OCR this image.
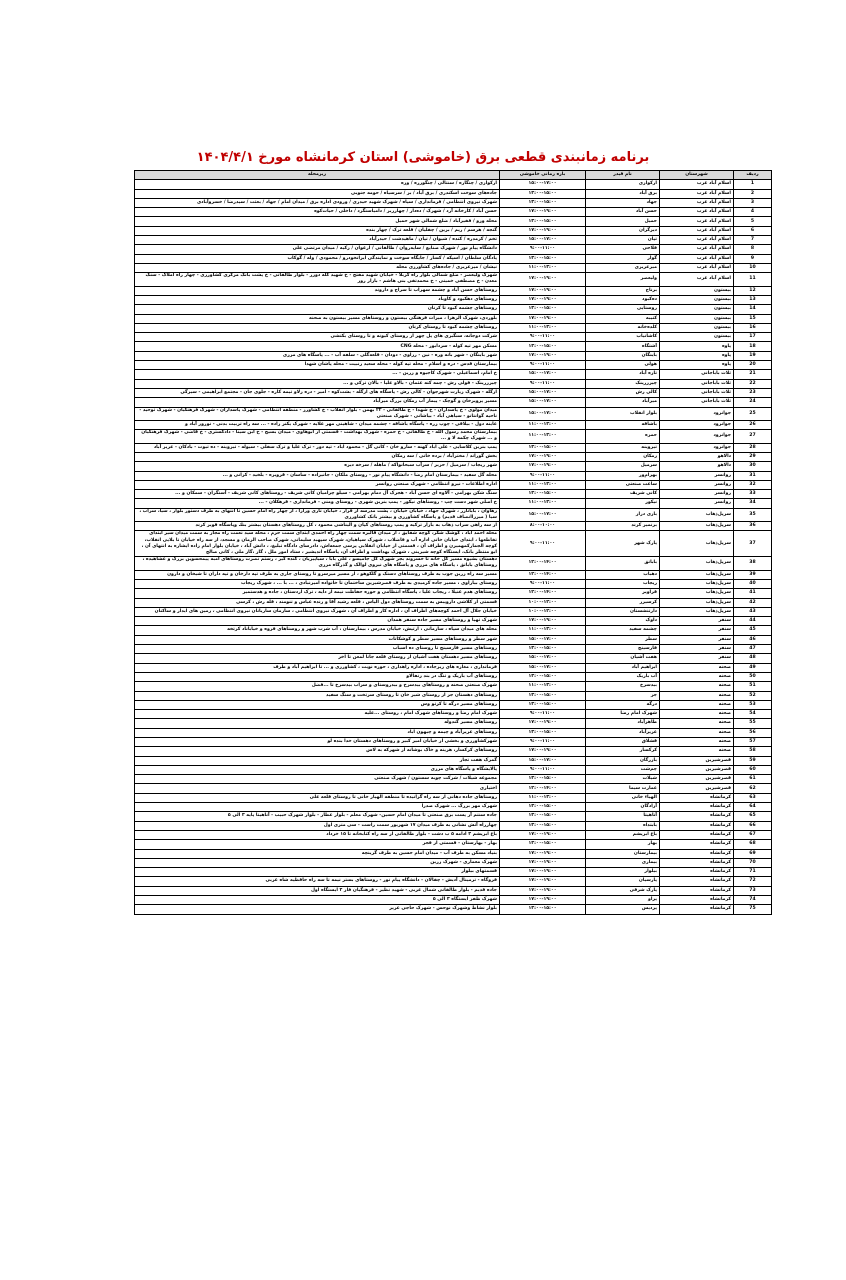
برنامه زمانبندی قطعی برق (خاموشی) استان کرمانشاه مورخ ۱۴۰۴/۴/۱
ردیف	شهرستان	نام فیدر	بازه زمانی خاموشی	زیرمحله
1	اسلام آباد غرب	ارکوازی	۱۵:۰۰-۱۷:۰۰	ارکوازی / چنگاره / سنتالی / چنگوزره / وزه
2	اسلام آباد غرب	برق آباد	۱۳:۰۰-۱۵:۰۰	جاده‌های سوخت اسکندری / برق آباد / بر / سرسیاه / حومه جنوبی
3	اسلام آباد غرب	جهاد	۱۳:۰۰-۱۵:۰۰	شهرک نیروی انتظامی / فرمانداری / سپاه / شهرک شهید حیدری / ورودی اداره برق / میدان امام / جهاد / بعثت / سیدرضا / خسروآبادی
4	اسلام آباد غرب	حسن آباد	۱۷:۰۰-۱۹:۰۰	حسن آباد / کارخانه آرد / شهرک / ده‌دار / چهارزبر / دامیاسنگرد / داخلی / حیات‌کوه
5	اسلام آباد غرب	حمیل	۱۳:۰۰-۱۵:۰۰	محله وزو / فقیرآباد / ضلع شمالی شهر حمیل
6	اسلام آباد غرب	دیزگران	۱۷:۰۰-۱۹:۰۰	گنجه / هرسم / ریم / بزین / چقلیان / قلعه ترک / چهار بنده
7	اسلام آباد غرب	تپان	۱۵:۰۰-۱۷:۰۰	تخم / کرمدره / کنده / شیوان / تپان / ماهیدشت / حیدرآباد
8	اسلام آباد غرب	فلاحی	۹:۰۰-۱۱:۰۰	دانشگاه پیام نور / شهرک صنایع / سایه‌روان / طالقانی / ارغوان / زکیه / میدان مرتضی علی
9	اسلام آباد غرب	گوار	۱۳:۰۰-۱۵:۰۰	پادگان سلطان / اسپکه / کسار / جایگاه سوخت و نمایندگی ایرانخودرو / محمودی / وله / گوکاب
10	اسلام آباد غرب	میرعزیزی	۱۱:۰۰-۱۳:۰۰	نیشان / میرعزیزی / جاده‌های کشاورزی محله
11	اسلام آباد غرب	ولیعصر	۱۷:۰۰-۱۹:۰۰	شهرک ولیعصر - ضلع شمالی بلوار راه کربلا - خیابان شهید مفتح - خ شهید گله دوزر - بلوار طالقانی - خ پشت بانک مرکزی کشاورزی - چهار راه املاک - سنگ معدن - خ مصطفی خمینی - خ محمدتقی بنی هاشم - بازار روز
12	بیستون	برناج	۱۷:۰۰-۱۹:۰۰	روستاهای حسن آباد و چشمه سهراب تا سراج و داروند
13	بیستون	ده‌کبود	۱۷:۰۰-۱۹:۰۰	روستاهای دهکبود و کاوباد
14	بیستون	روستایی	۱۳:۰۰-۱۵:۰۰	روستاهای چشمه کبود تا کرنان
15	بیستون	کتیبه	۱۷:۰۰-۱۹:۰۰	بلوردی، شهرک الزهرا ، میراث فرهنگی بیستون و روستاهای مسیر بیستون به صحنه
16	بیستون	کلده‌خانه	۱۱:۰۰-۱۳:۰۰	روستاهای چشمه کبود تا روستای کرنان
17	بیستون	کاشانیاب	۹:۰۰-۱۱:۰۰	شرکت دوجانه، سنگبری های پل چهر از روستای کیونه و تا روستای بکتشی
18	پاوه	آشتگاه	۱۳:۰۰-۱۵:۰۰	مسکن مهر تپه کوله - سردابور - محله CNG
19	پاوه	باینگان	۱۷:۰۰-۱۹:۰۰	شهر باینگان - شهر بانه وره - نین - رزاوی - دودان - قلعه‌گلی - سلفه آب - ... پاسگاه های مرزی
20	پاوه	هولی	۹:۰۰-۱۱:۰۰	بیمارستان قدس - دره و اسلام - محله تپه کوله - محله سعید زنبیت - محله پاشان شهدا
21	ثلاث باباجانی	تازه آباد	۱۵:۰۰-۱۷:۰۰	خ امام، اسماعیلی - شهرک کاجیوه و زرین - ...
22	ثلاث باباجانی	چیرزرینک	۹:۰۰-۱۱:۰۰	چیرزرینک - فولی رش - چمه کنه عثمان - بالاو علیا - بالان ترکی و ...
23	ثلاث باباجانی	کالی رش	۱۵:۰۰-۱۷:۰۰	ازگله - شهرک زیارت شهرجوان - کالی رش - پاسگاه های ازگله - بشت‌کوه - امیر - دره زلاو تیمه کاره - جلوی جان - مجتمع ابراهیمی - سیرگی
24	ثلاث باباجانی	میرآباد	۱۵:۰۰-۱۷:۰۰	مسیر پرویزخان و گوچک - پیماز آب زمکان بزرگ میرآباد
25	جوانرود	بلوار انقلاب	۱۵:۰۰-۱۷:۰۰	میدان مولوی - خ پاسداران - خ شهدا - خ طالقانی - ۲۲ بهمن - بلوار انقلاب - خ کشاورز - منطقه انتظامی - شهرک پاسداران - شهرک فرهنگیان - شهرک توحید - ناحیه گوانتانو - سیاهی آباد - بیاشانی - شهرک صنعتی
26	جوانرود	باشاقه	۱۱:۰۰-۱۳:۰۰	عاینه دول - بیلاقی - چوپ زره - پاسگاه باشاقه - چشمه میدان - شاهینی مهر علایه - شهرک یکنر زاده - ... سه راه تربیت بدنی - نوروز آباد و
27	جوانرود	حمزه	۱۱:۰۰-۱۳:۰۰	بیمارستان محمد رسول الله - خ طالقانی - خ حمزه - شهرک بهداشت - قسمتی از ابوهاوی - میدان بسیج - خ ابن سینا - دادگستری - خ قاضی - شهرک فرهنگیان و ... شهرک چکمه لا و ...
28	جوانرود	تیروینه	۱۳:۰۰-۱۵:۰۰	پمپ بنزین کلاسایی - علی اباد کهنه - سارو خان - کانی گل - محمود اباد - تپه دور - ترک علیا و ترک سفلی - سیوله - تیروینه - ده تیوت - بادکان - عزیز آباد
29	دالاهو	زمکان	۱۷:۰۰-۱۹:۰۰	بخش گوراند / مخترآباد / برده خانی / سه زمکان
30	دالاهو	سرمیل	۱۷:۰۰-۱۹:۰۰	شهر ریجاب / سرمیل / حربر / سرآب سبحانواکه / ماهله / سرخه دیزه
31	روانسر	بهرام‌ور	۹:۰۰-۱۱:۰۰	محله گل سفید - بیمارستان امام رضا - دانشگاه پیام نور - روستای ملکان - جانیزاده - ساسان - قرویزه - بلخید - کرانی و ...
32	روانسر	ساعت صنعتی	۱۱:۰۰-۱۳:۰۰	اداره اطلاعات - نیرو انتظامی - شهرک صنعتی روانسر
33	روانسر	کانی شریف	۱۳:۰۰-۱۵:۰۰	سنگ شکن بهرامی - آلاوه ای حسن آباد - هجرک آل دمام بهرامی - سیلو چرامیان کانی شریف - روستاهای کانی شریف - آسنگران - سمکان و ...
34	روانسر	نیکور	۱۱:۰۰-۱۳:۰۰	خ اصلی شهر دست چپ - روستاهای نیکور - پمپ بنزین شهری - روستای ومنی - فرمانداری - قرهکلان - ...
35	سرپل‌ذهاب	بازی دراز	۱۵:۰۰-۱۷:۰۰	زهاوان ، بابانازر ، شهرک جهاد ، خیابان خیابان ، پشت مدرسه از قرار ، خیابان تاری ورازا ، از چهار راه امام حسین تا انتهای به طرف دستور بلوار ، سیا، سرآب ، سیا ( میرزاانصاف قدیم) و پاسگاه کشاورزی و بیشتر بانک کشاورزی
36	سرپل‌ذهاب	بزنمیر کرند	۸:۰۰-۱۰:۰۰	از سه راهی سراب ذهاب به بازار ترکیه و پمپ روستاهای کپان و الیناشی محمود ، کل روستاهای دهستان بیشتر بنك وپاسگاه قوبر کرند
37	سرپل‌ذهاب	پارک شهر	۹:۰۰-۱۱:۰۰	محله احمد آباد ، کوشک شکر، کوچه شقایق ، از میدان قالیره سمت چهار راه احمدی ابتدای سمت حرم ، محله سید نعمت راه مجاز به سمت میدان سیر ابتدای تقاطعها ، ابتدای خیابان خانی اداره آب و فاضلاب ، شهرک سپاهیان، شهرک سپهبد سلیمانی، شهرک صاحب الزمان و مسجد، از سه راه خیابان تا بلایی انقلاب، کوچه الجمارکمهمیرن و اطراف آن ، قسمتی از خیابان انقلابی پرسی جمعه‌اش، دادرسای دادگاه تبلیغ، ، دانش آباد ، خیابان بلوار امام زاده ایشاره به انتهای آن ، ابو منتظر بانک، ایستگاه کوچه شیرینی ، شهرک بهداشت و اطراف آن، پاسگاه اندیشیر ، ستاد امور ملل ، گاز ،گاز ملی ، کانی صالح
38	سرپل‌ذهاب	باباتق	۱۲:۰۰-۱۴:۰۰	دهستان بشیوه مسیر کل خانه تا خسروند بجز شهرک گل جامیسو ، علی بابا ، سیاپیریان ، گنده گیر ، رستم نصرت روستاهای آمبه پیمحسوین بزرگ و عشاهیده ، روستاهای باباتق ، پاسگاه های مرزی و پاسگاه های نیروی لوالک و گذرگاه مرزی
39	سرپل‌ذهاب	دهباب	۱۲:۰۰-۱۴:۰۰	مسیر سه راه زرین جوب به طرف روستاهای دستک و گلکوهو ، از مسیر میرسرو تا روستای جاری به طرف تپه دارخان و تپه داران تا شیخان و دارون
40	سرپل‌ذهاب	ریجاب	۹:۰۰-۱۱:۰۰	روستای بیاراوی ، مسیر جاده کرمیدی به طرف قصرشیرین ساختمان تا خانواده امیرنبادی ، ... با ... ، شهرک ریجاب
41	سرپل‌ذهاب	قراویز	۱۲:۰۰-۱۴:۰۰	روستاهای هدم غنیلا ، ریجاب علیا ، پاسگاه انتظامی و حوزه حفاظت نیمه از دایه ، ترک اردستان ، جاده و هدستمیر
42	سرپل‌ذهاب	کرسیرز	۱۰:۰۰-۱۲:۰۰	قسمتی از کلاشی دارویبس به سمت روستاهای دول الیاس ، قلعه رشید آقا و زنده عباس و تنومند ، قله رش ، کرسی
43	سرپل‌ذهاب	دارتنشستان	۱۰:۰۰-۱۲:۰۰	خیابان جلال آل احمد کوچه‌های اطراف آن ، اداره کار و اطراف آن ، شهرک نیروی انتظامی ، سازمان ساریانان نیروی انتظامی ، زمین های ایدار و ساکنان
44	سنقر	داوک	۱۷:۰۰-۱۹:۰۰	شهرک تهیا و روستاهای مسیر جاده سنقر همدان
45	سنقر	چشمه سفید	۱۱:۰۰-۱۳:۰۰	محله های میدان سپاه ، سازمانی ، ارتیش، خیابان مدرس ، بیمارستان ، آب شرب شهر و روستاهای فروه و خیاباناد کرتخه
46	سنقر	سطر	۱۵:۰۰-۱۷:۰۰	شهر سطر و روستاهای مسیر سطر و کوشکانات
47	سنقر	فارسینج	۱۳:۰۰-۱۵:۰۰	روستاهای مسیر فارسینج تا روستای ده اسباب
48	سنقر	هفت آشیان	۱۵:۰۰-۱۷:۰۰	روستاهای مسیر دهستان هفت آشیان از روستای قلعه جانا لمعن تا اخر
49	صحنه	ابراهیم آباد	۱۵:۰۰-۱۷:۰۰	فرمانداری ، مغازه های زیرجاده ، اداره راهداری ، حوزه نوبت ، کشاورزی و ... تا ابراهیم آباد و طرف
50	صحنه	آب باریک	۱۳:۰۰-۱۵:۰۰	روستاهای آب باریک و تنگ در بند زنفالاو
51	صحنه	بیدسرخ	۱۱:۰۰-۱۳:۰۰	شهرک صنعتی صحنه و روستاهای بیدسرخ و بیدروستای و سراب بیدسرخ تا ...فضل
52	صحنه	جر	۱۳:۰۰-۱۵:۰۰	روستاهای دهستان جر از روستای شیر خان تا روستای سرتخت و سنگ سفید
53	صحنه	درگه	۱۳:۰۰-۱۵:۰۰	روستاهای مسیر درگه تا کرتو وس
54	صحنه	شهرک امام رضا	۹:۰۰-۱۱:۰۰	شهرک امام رضا و روستاهای شهرک امام ، روستای ...علیه
55	صحنه	طاهرآباد	۱۷:۰۰-۱۹:۰۰	روستاهای مسیر گندوله
56	صحنه	عزیزآباد	۱۳:۰۰-۱۵:۰۰	روستاهای عزیزآباد و چیمه و چیهون اباد
57	صحنه	قشلاق	۹:۰۰-۱۱:۰۰	شهرکشاورزی و بخشی از خیابان امیر کبیر و روستاهای دهستان خدا بنده لو
58	صحنه	کرکسار	۱۷:۰۰-۱۹:۰۰	روستاهای کرکسار، هرینه و خاک بوشانه از شهرکه به لاس
59	قصرشیرین	بازرگان	۱۵:۰۰-۱۷:۰۰	گمرک هفت تجار
60	قصرشیرین	چم‌شت	۹:۰۰-۱۱:۰۰	پالایشگاه و پاسگاه های مرزی
61	قصرشیرین	شیلات	۱۳:۰۰-۱۵:۰۰	مجموعه شیلات / شرکت چوبه سستون / شهرک صنعتی
62	قصرشیرین	عمارت سیما	۱۲:۰۰-۱۴:۰۰	اختیاری
63	کرمانشاه	الهیاء خانی	۱۱:۰۰-۱۳:۰۰	روستاهای جاده دهانی ار سه راه گرانیده تا منطقه الهیار خانی تا روستای قلعه علی
64	کرمانشاه	آزادگان	۱۳:۰۰-۱۵:۰۰	شهرک مهر بزرگ ... شهرک صدرا
65	کرمانشاه	آناهیتا	۱۳:۰۰-۱۵:۰۰	جاده سنتم آز پست برق صنعتی تا میدان امام حسین- شهرک معلم - بلوار عطار - بلوار شهرک حبیب - آناهیتا پایه ۳ الی ۵
66	کرمانشاه	بابتداه	۱۳:۰۰-۱۵:۰۰	چهارراه آتش نشانی به طرف میدان ۱۷ شهریور سمت راست - سی متری اول
67	کرمانشاه	باغ ابریشم	۱۷:۰۰-۱۹:۰۰	باغ ابریشم ۳ ادامه ۵ ب دشت - بلوار طالقانی از سه راه کتابخانه تا ۱۵ خرداد
68	کرمانشاه	بهار	۱۳:۰۰-۱۵:۰۰	بهار - بهارستان - قسمتی از فجر
69	کرمانشاه	بیمارستان	۱۷:۰۰-۱۹:۰۰	بنیاد مسکن به طرف آب - میدان امام حسین به طرف گزینچه
70	کرمانشاه	بیماری	۱۷:۰۰-۱۹:۰۰	شهرک معماری - شهرک زرین
71	کرمانشاه	بیلوار	۱۷:۰۰-۱۹:۰۰	قسمتهای بیلوار
72	کرمانشاه	پارسیان	۱۷:۰۰-۱۹:۰۰	فروگاه - ترمینال آدیش - چقالان - دانشگاه پیام نور - روستاهای بستر نیمه تا سه راه حافظیه شاه غربی
73	کرمانشاه	پارک شرقی	۱۷:۰۰-۱۹:۰۰	جاده قدیم - بلوار طالقانی شمال غربی - شهید نظیر - فرهنگیان فاز ۲ ایستگاه اول
74	کرمانشاه	پراو	۱۷:۰۰-۱۹:۰۰	شهرک ظفر ایستگاه ۳ الی ۵
75	کرمانشاه	پردیس	۱۳:۰۰-۱۵:۰۰	بلوار نشاط وشهرک نوحس - شهرک حاجی عزیز
